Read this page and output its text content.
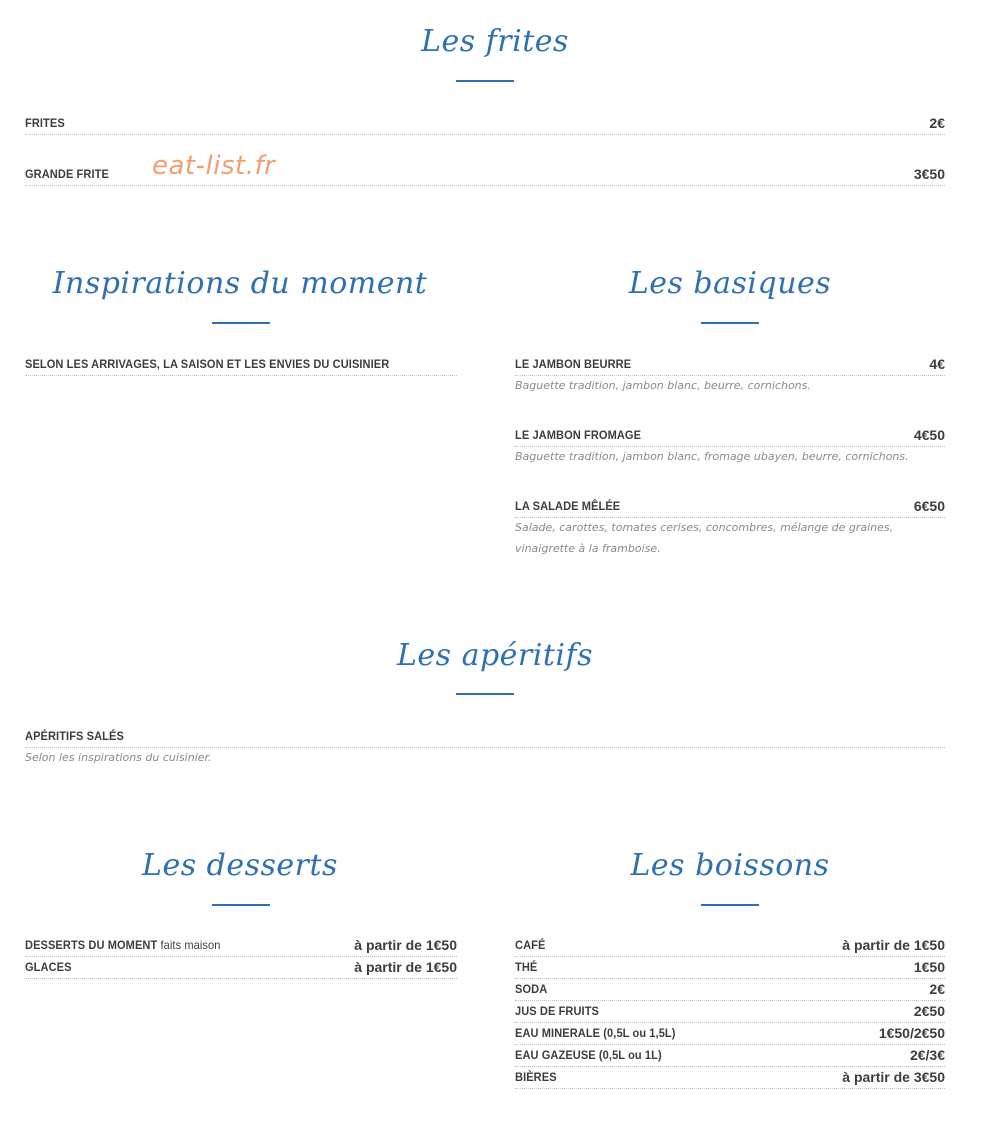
Les frites
FRITES	2€
GRANDE FRITE	3€50
eat-list.fr
Inspirations du moment
SELON LES ARRIVAGES, LA SAISON ET LES ENVIES DU CUISINIER
Les basiques
LE JAMBON BEURRE	4€
Baguette tradition, jambon blanc, beurre, cornichons.
LE JAMBON FROMAGE	4€50
Baguette tradition, jambon blanc, fromage ubayen, beurre, cornichons.
LA SALADE MÊLÉE	6€50
Salade, carottes, tomates cerises, concombres, mélange de graines, vinaigrette à la framboise.
Les apéritifs
APÉRITIFS SALÉS
Selon les inspirations du cuisinier.
Les desserts
DESSERTS DU MOMENT faits maison	à partir de 1€50
GLACES	à partir de 1€50
Les boissons
CAFÉ	à partir de 1€50
THÉ	1€50
SODA	2€
JUS DE FRUITS	2€50
EAU MINERALE (0,5L ou 1,5L)	1€50/2€50
EAU GAZEUSE (0,5L ou 1L)	2€/3€
BIÈRES	à partir de 3€50
